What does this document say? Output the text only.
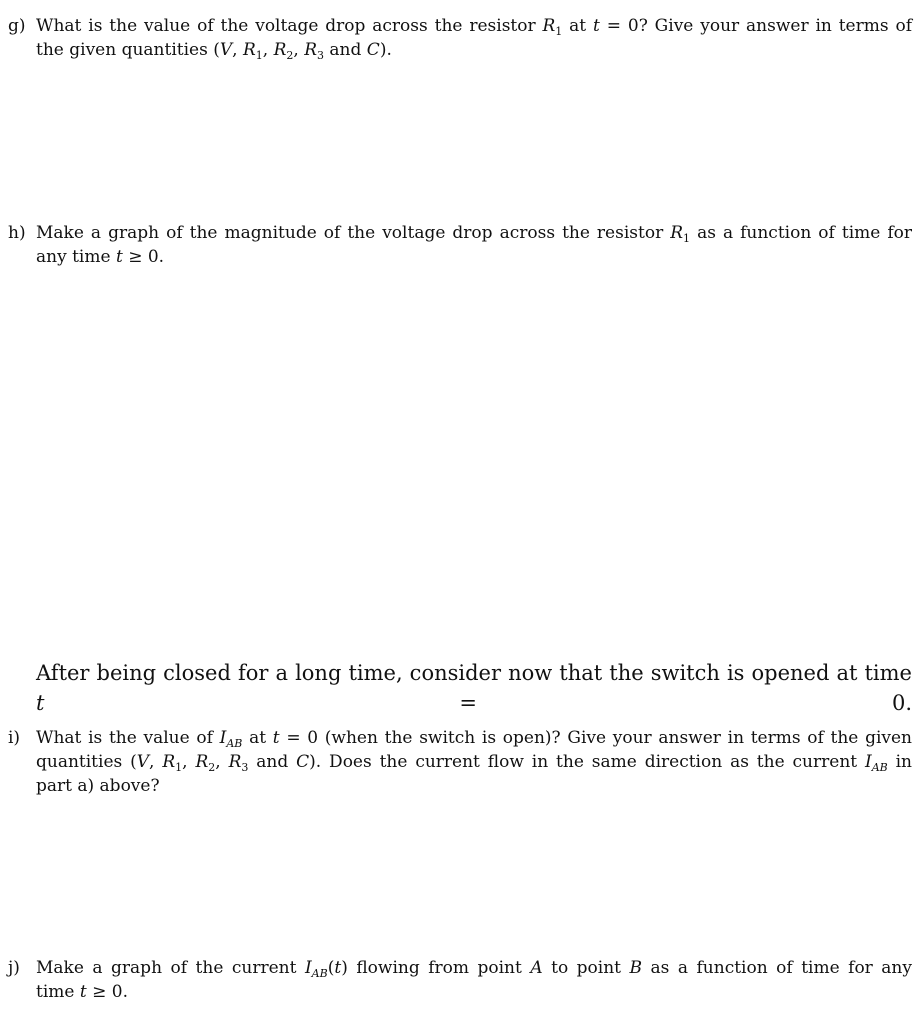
g) What is the value of the voltage drop across the resistor $R_1$ at t = 0? Give your answer in terms of
the given quantities (V, $R_1$, $R_2$, $R_3$ and C).
h) Make a graph of the magnitude of the voltage drop across the resistor $R_1$ as a function of time for
any time t ≥ 0.
After being closed for a long time, consider now that the switch is opened at time t = 0.
i) What is the value of $I_{AB}$ at t = 0 (when the switch is open)? Give your answer in terms of the given
quantities (V, $R_1$, $R_2$, $R_3$ and C). Does the current flow in the same direction as the current $I_{AB}$ in
part a) above?
j) Make a graph of the current $I_{AB}(t)$ flowing from point A to point B as a function of time for any
time t ≥ 0.
